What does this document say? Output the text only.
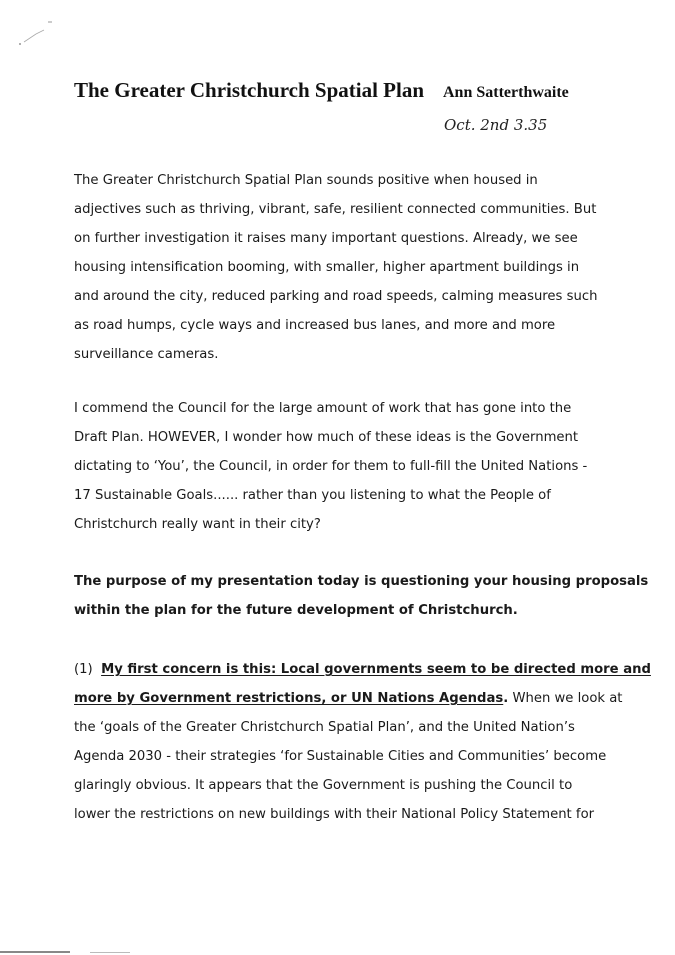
The Greater Christchurch Spatial Plan Ann Satterthwaite
Oct. 2nd 3.35
The Greater Christchurch Spatial Plan sounds positive when housed in
adjectives such as thriving, vibrant, safe, resilient connected communities. But
on further investigation it raises many important questions. Already, we see
housing intensification booming, with smaller, higher apartment buildings in
and around the city, reduced parking and road speeds, calming measures such
as road humps, cycle ways and increased bus lanes, and more and more
surveillance cameras.
I commend the Council for the large amount of work that has gone into the
Draft Plan. HOWEVER, I wonder how much of these ideas is the Government
dictating to ‘You’, the Council, in order for them to full-fill the United Nations -
17 Sustainable Goals...... rather than you listening to what the People of
Christchurch really want in their city?
The purpose of my presentation today is questioning your housing proposals
within the plan for the future development of Christchurch.
(1) My first concern is this: Local governments seem to be directed more and
more by Government restrictions, or UN Nations Agendas. When we look at
the ‘goals of the Greater Christchurch Spatial Plan’, and the United Nation’s
Agenda 2030 - their strategies ‘for Sustainable Cities and Communities’ become
glaringly obvious. It appears that the Government is pushing the Council to
lower the restrictions on new buildings with their National Policy Statement for
